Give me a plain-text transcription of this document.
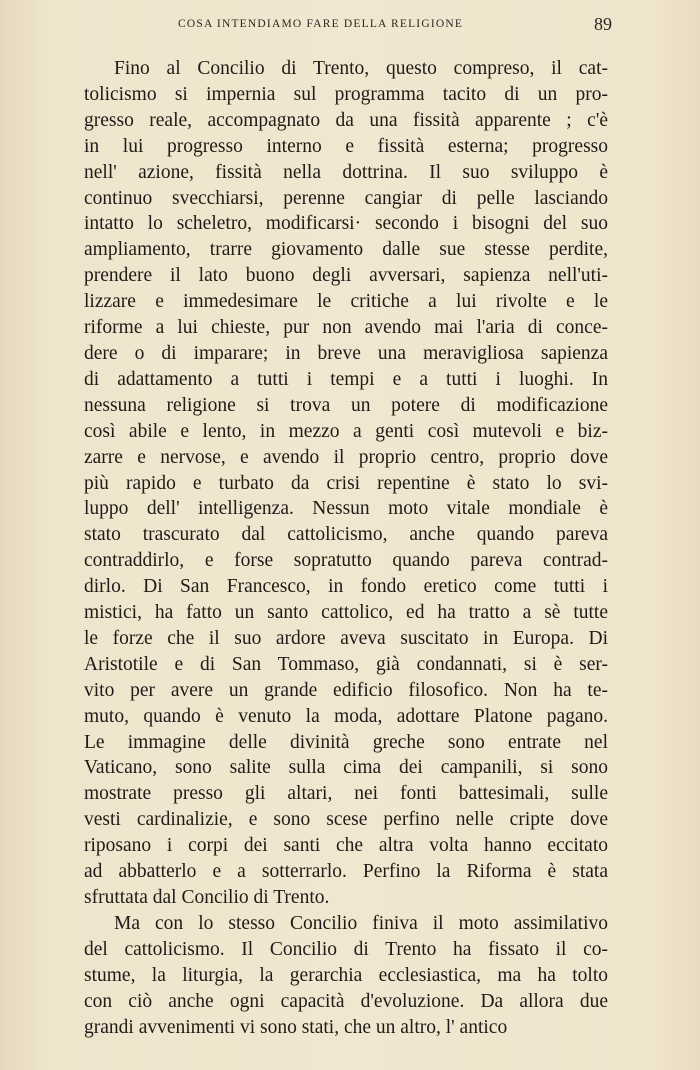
COSA INTENDIAMO FARE DELLA RELIGIONE	89
Fino al Concilio di Trento, questo compreso, il cat-
tolicismo si impernia sul programma tacito di un pro-
gresso reale, accompagnato da una fissità apparente ; c'è
in lui progresso interno e fissità esterna; progresso
nell' azione, fissità nella dottrina. Il suo sviluppo è
continuo svecchiarsi, perenne cangiar di pelle lasciando
intatto lo scheletro, modificarsi· secondo i bisogni del suo
ampliamento, trarre giovamento dalle sue stesse perdite,
prendere il lato buono degli avversari, sapienza nell'uti-
lizzare e immedesimare le critiche a lui rivolte e le
riforme a lui chieste, pur non avendo mai l'aria di conce-
dere o di imparare; in breve una meravigliosa sapienza
di adattamento a tutti i tempi e a tutti i luoghi. In
nessuna religione si trova un potere di modificazione
così abile e lento, in mezzo a genti così mutevoli e biz-
zarre e nervose, e avendo il proprio centro, proprio dove
più rapido e turbato da crisi repentine è stato lo svi-
luppo dell' intelligenza. Nessun moto vitale mondiale è
stato trascurato dal cattolicismo, anche quando pareva
contraddirlo, e forse sopratutto quando pareva contrad-
dirlo. Di San Francesco, in fondo eretico come tutti i
mistici, ha fatto un santo cattolico, ed ha tratto a sè tutte
le forze che il suo ardore aveva suscitato in Europa. Di
Aristotile e di San Tommaso, già condannati, si è ser-
vito per avere un grande edificio filosofico. Non ha te-
muto, quando è venuto la moda, adottare Platone pagano.
Le immagine delle divinità greche sono entrate nel
Vaticano, sono salite sulla cima dei campanili, si sono
mostrate presso gli altari, nei fonti battesimali, sulle
vesti cardinalizie, e sono scese perfino nelle cripte dove
riposano i corpi dei santi che altra volta hanno eccitato
ad abbatterlo e a sotterrarlo. Perfino la Riforma è stata
sfruttata dal Concilio di Trento.
Ma con lo stesso Concilio finiva il moto assimilativo
del cattolicismo. Il Concilio di Trento ha fissato il co-
stume, la liturgia, la gerarchia ecclesiastica, ma ha tolto
con ciò anche ogni capacità d'evoluzione. Da allora due
grandi avvenimenti vi sono stati, che un altro, l' antico
